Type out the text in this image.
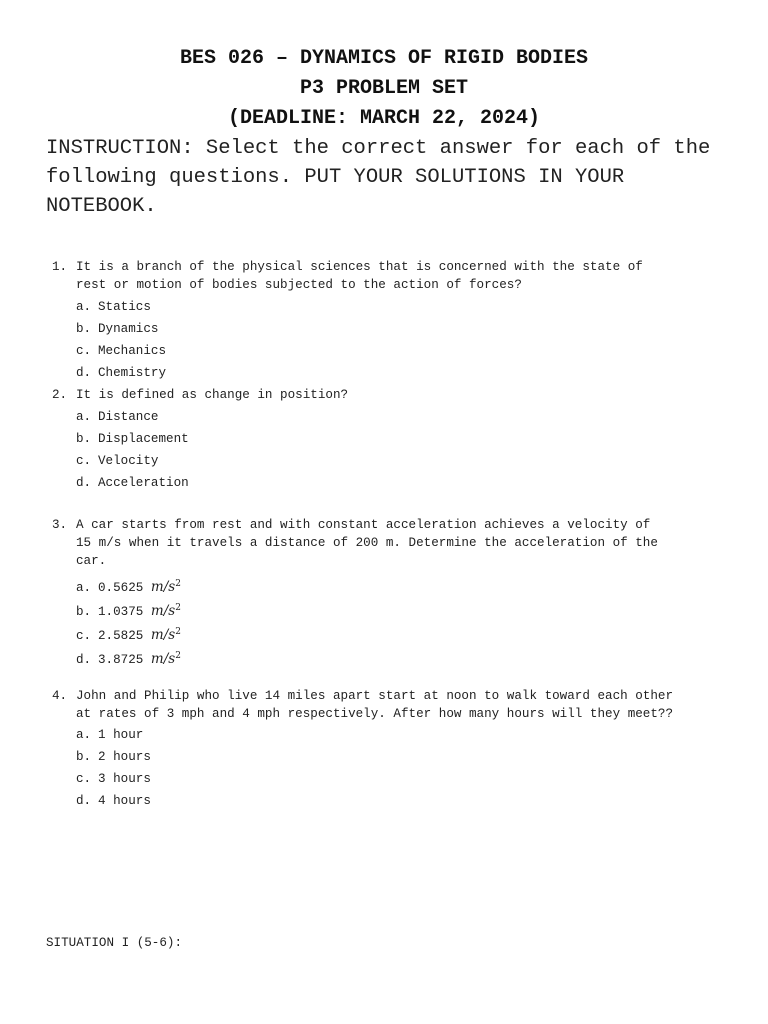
BES 026 – DYNAMICS OF RIGID BODIES
P3 PROBLEM SET
(DEADLINE: MARCH 22, 2024)

INSTRUCTION: Select the correct answer for each of the following questions. PUT YOUR SOLUTIONS IN YOUR NOTEBOOK.

1. It is a branch of the physical sciences that is concerned with the state of
rest or motion of bodies subjected to the action of forces?
a. Statics
b. Dynamics
c. Mechanics
d. Chemistry
2. It is defined as change in position?
a. Distance
b. Displacement
c. Velocity
d. Acceleration
3. A car starts from rest and with constant acceleration achieves a velocity of
15 m/s when it travels a distance of 200 m. Determine the acceleration of the
car.
a. 0.5625 $m/s^2$
b. 1.0375 $m/s^2$
c. 2.5825 $m/s^2$
d. 3.8725 $m/s^2$
4. John and Philip who live 14 miles apart start at noon to walk toward each other
at rates of 3 mph and 4 mph respectively. After how many hours will they meet??
a. 1 hour
b. 2 hours
c. 3 hours
d. 4 hours
SITUATION I (5-6):
